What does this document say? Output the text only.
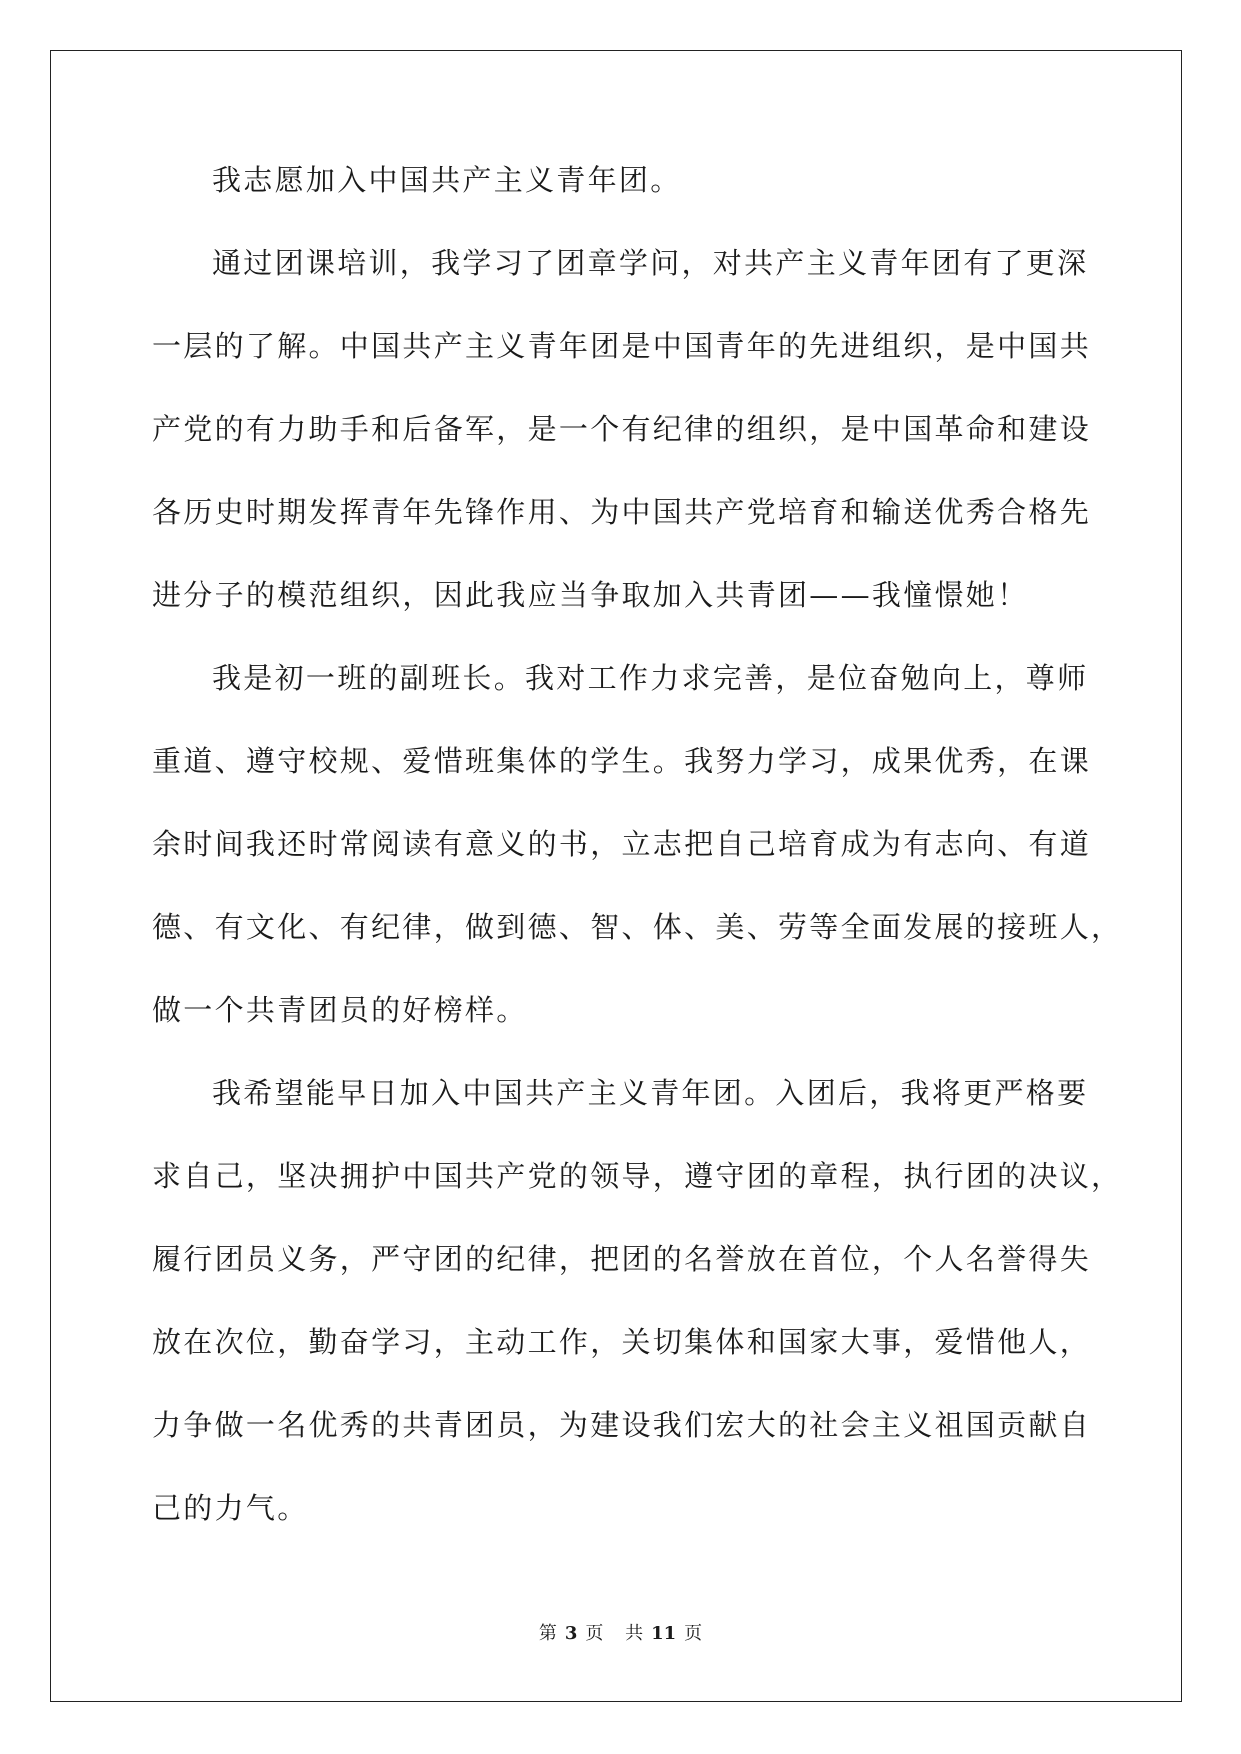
我志愿加入中国共产主义青年团。
通过团课培训，我学习了团章学问，对共产主义青年团有了更深
一层的了解。中国共产主义青年团是中国青年的先进组织，是中国共
产党的有力助手和后备军，是一个有纪律的组织，是中国革命和建设
各历史时期发挥青年先锋作用、为中国共产党培育和输送优秀合格先
进分子的模范组织，因此我应当争取加入共青团——我憧憬她！
我是初一班的副班长。我对工作力求完善，是位奋勉向上，尊师
重道、遵守校规、爱惜班集体的学生。我努力学习，成果优秀，在课
余时间我还时常阅读有意义的书，立志把自己培育成为有志向、有道
德、有文化、有纪律，做到德、智、体、美、劳等全面发展的接班人，
做一个共青团员的好榜样。
我希望能早日加入中国共产主义青年团。入团后，我将更严格要
求自己，坚决拥护中国共产党的领导，遵守团的章程，执行团的决议，
履行团员义务，严守团的纪律，把团的名誉放在首位，个人名誉得失
放在次位，勤奋学习，主动工作，关切集体和国家大事，爱惜他人，
力争做一名优秀的共青团员，为建设我们宏大的社会主义祖国贡献自
己的力气。
第 3 页 共 11 页
